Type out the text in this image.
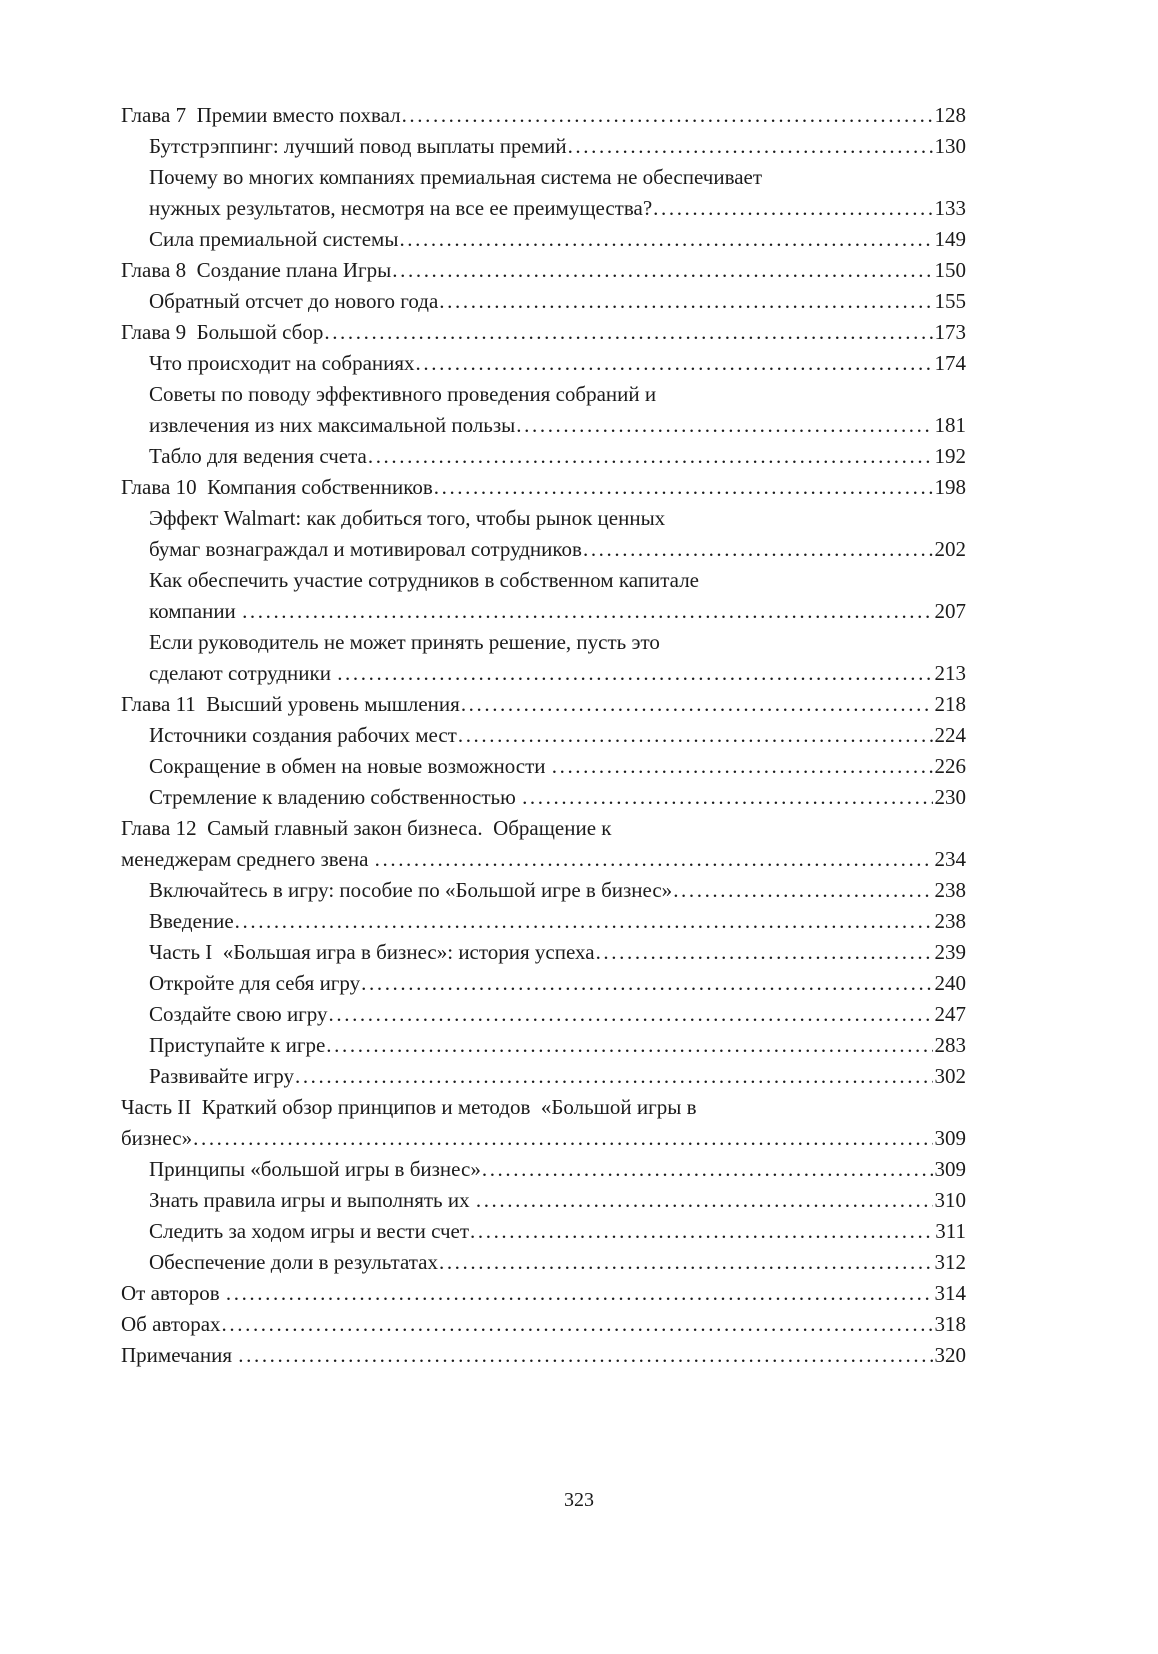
Глава 7  Премии вместо похвал .....	128
Бутстрэппинг: лучший повод выплаты премий .....	130
Почему во многих компаниях премиальная система не обеспечивает
нужных результатов, несмотря на все ее преимущества? .....	133
Сила премиальной системы .....	149
Глава 8  Создание плана Игры .....	150
Обратный отсчет до нового года .....	155
Глава 9  Большой сбор .....	173
Что происходит на собраниях .....	174
Советы по поводу эффективного проведения собраний и
извлечения из них максимальной пользы .....	181
Табло для ведения счета .....	192
Глава 10  Компания собственников .....	198
Эффект Walmart: как добиться того, чтобы рынок ценных
бумаг вознаграждал и мотивировал сотрудников .....	202
Как обеспечить участие сотрудников в собственном капитале
компании .....	207
Если руководитель не может принять решение, пусть это
сделают сотрудники .....	213
Глава 11  Высший уровень мышления .....	218
Источники создания рабочих мест .....	224
Сокращение в обмен на новые возможности .....	226
Стремление к владению собственностью .....	230
Глава 12  Самый главный закон бизнеса.  Обращение к
менеджерам среднего звена .....	234
Включайтесь в игру: пособие по «Большой игре в бизнес» .....	238
Введение .....	238
Часть I  «Большая игра в бизнес»: история успеха .....	239
Откройте для себя игру .....	240
Создайте свою игру .....	247
Приступайте к игре .....	283
Развивайте игру .....	302
Часть II  Краткий обзор принципов и методов  «Большой игры в
бизнес» .....	309
Принципы «большой игры в бизнес» .....	309
Знать правила игры и выполнять их .....	310
Следить за ходом игры и вести счет .....	311
Обеспечение доли в результатах .....	312
От авторов .....	314
Об авторах .....	318
Примечания .....	320
323
